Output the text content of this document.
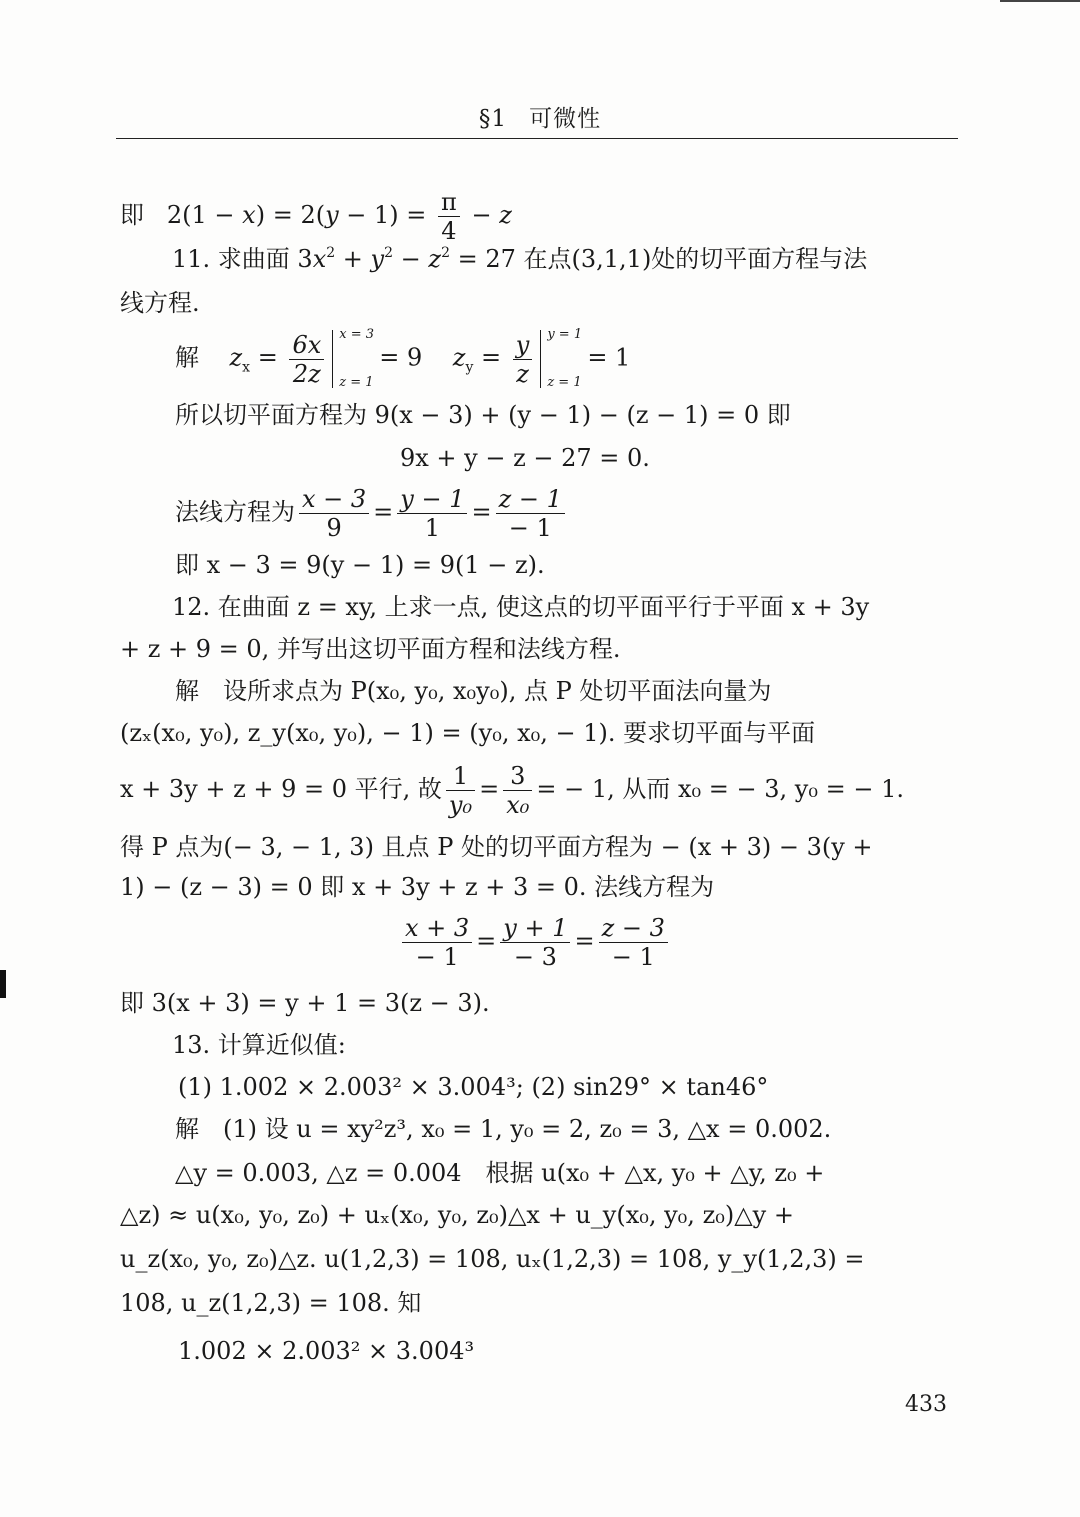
§1 可微性
即 $2(1 - x) = 2(y - 1) = \frac{\pi}{4} - z$
11. 求曲面 $3x^2 + y^2 - z^2 = 27$ 在点(3,1,1)处的切平面方程与法
线方程.
解 $z_x = \frac{6x}{2z}$ x = 3
z = 1
= 9 $z_y = \frac{y}{z}$ y = 1
z = 1
= 1
所以切平面方程为 9(x − 3) + (y − 1) − (z − 1) = 0 即
9x + y − z − 27 = 0.
法线方程为 $\frac{x - 3}{9} = \frac{y - 1}{1} = \frac{z - 1}{- 1}$
即 x − 3 = 9(y − 1) = 9(1 − z).
12. 在曲面 z = xy, 上求一点, 使这点的切平面平行于平面 x + 3y
+ z + 9 = 0, 并写出这切平面方程和法线方程.
解　设所求点为 P(x₀, y₀, x₀y₀), 点 P 处切平面法向量为
(zₓ(x₀, y₀), z_y(x₀, y₀), − 1) = (y₀, x₀, − 1). 要求切平面与平面
x + 3y + z + 9 = 0 平行, 故 $\frac{1}{\text{y₀}} = \frac{3}{\text{x₀}}$ = − 1, 从而 x₀ = − 3, y₀ = − 1.
得 P 点为(− 3, − 1, 3) 且点 P 处的切平面方程为 − (x + 3) − 3(y +
1) − (z − 3) = 0 即 x + 3y + z + 3 = 0. 法线方程为
$\frac{x + 3}{- 1} = \frac{y + 1}{- 3} = \frac{z - 3}{- 1}$
即 3(x + 3) = y + 1 = 3(z − 3).
13. 计算近似值:
(1) 1.002 × 2.003² × 3.004³; (2) sin29° × tan46°
解　(1) 设 u = xy²z³, x₀ = 1, y₀ = 2, z₀ = 3, △x = 0.002.
△y = 0.003, △z = 0.004　根据 u(x₀ + △x, y₀ + △y, z₀ +
△z) ≈ u(x₀, y₀, z₀) + uₓ(x₀, y₀, z₀)△x + u_y(x₀, y₀, z₀)△y +
u_z(x₀, y₀, z₀)△z. u(1,2,3) = 108, uₓ(1,2,3) = 108, y_y(1,2,3) =
108, u_z(1,2,3) = 108. 知
1.002 × 2.003² × 3.004³
433
